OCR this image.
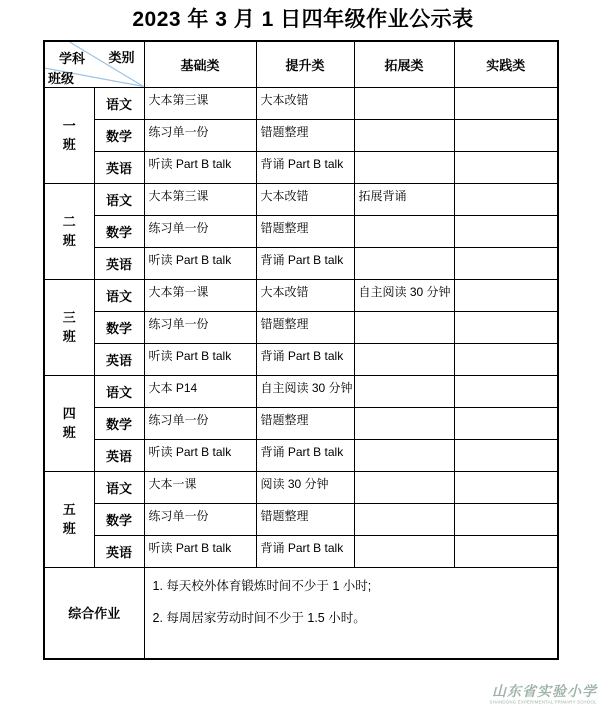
2023 年 3 月 1 日四年级作业公示表
学科 类别
班级		基础类	提升类	拓展类	实践类
一班	语文	大本第三课	大本改错		
	数学	练习单一份	错题整理		
	英语	听读 Part B talk	背诵 Part B talk		
二班	语文	大本第三课	大本改错	拓展背诵	
	数学	练习单一份	错题整理		
	英语	听读 Part B talk	背诵 Part B talk		
三班	语文	大本第一课	大本改错	自主阅读 30 分钟	
	数学	练习单一份	错题整理		
	英语	听读 Part B talk	背诵 Part B talk		
四班	语文	大本 P14	自主阅读 30 分钟		
	数学	练习单一份	错题整理		
	英语	听读 Part B talk	背诵 Part B talk		
五班	语文	大本一课	阅读 30 分钟		
	数学	练习单一份	错题整理		
	英语	听读 Part B talk	背诵 Part B talk		
综合作业		1. 每天校外体育锻炼时间不少于 1 小时;
2. 每周居家劳动时间不少于 1.5 小时。			
山东省实验小学
SHANDONG EXPERIMENTAL PRIMARY SCHOOL
